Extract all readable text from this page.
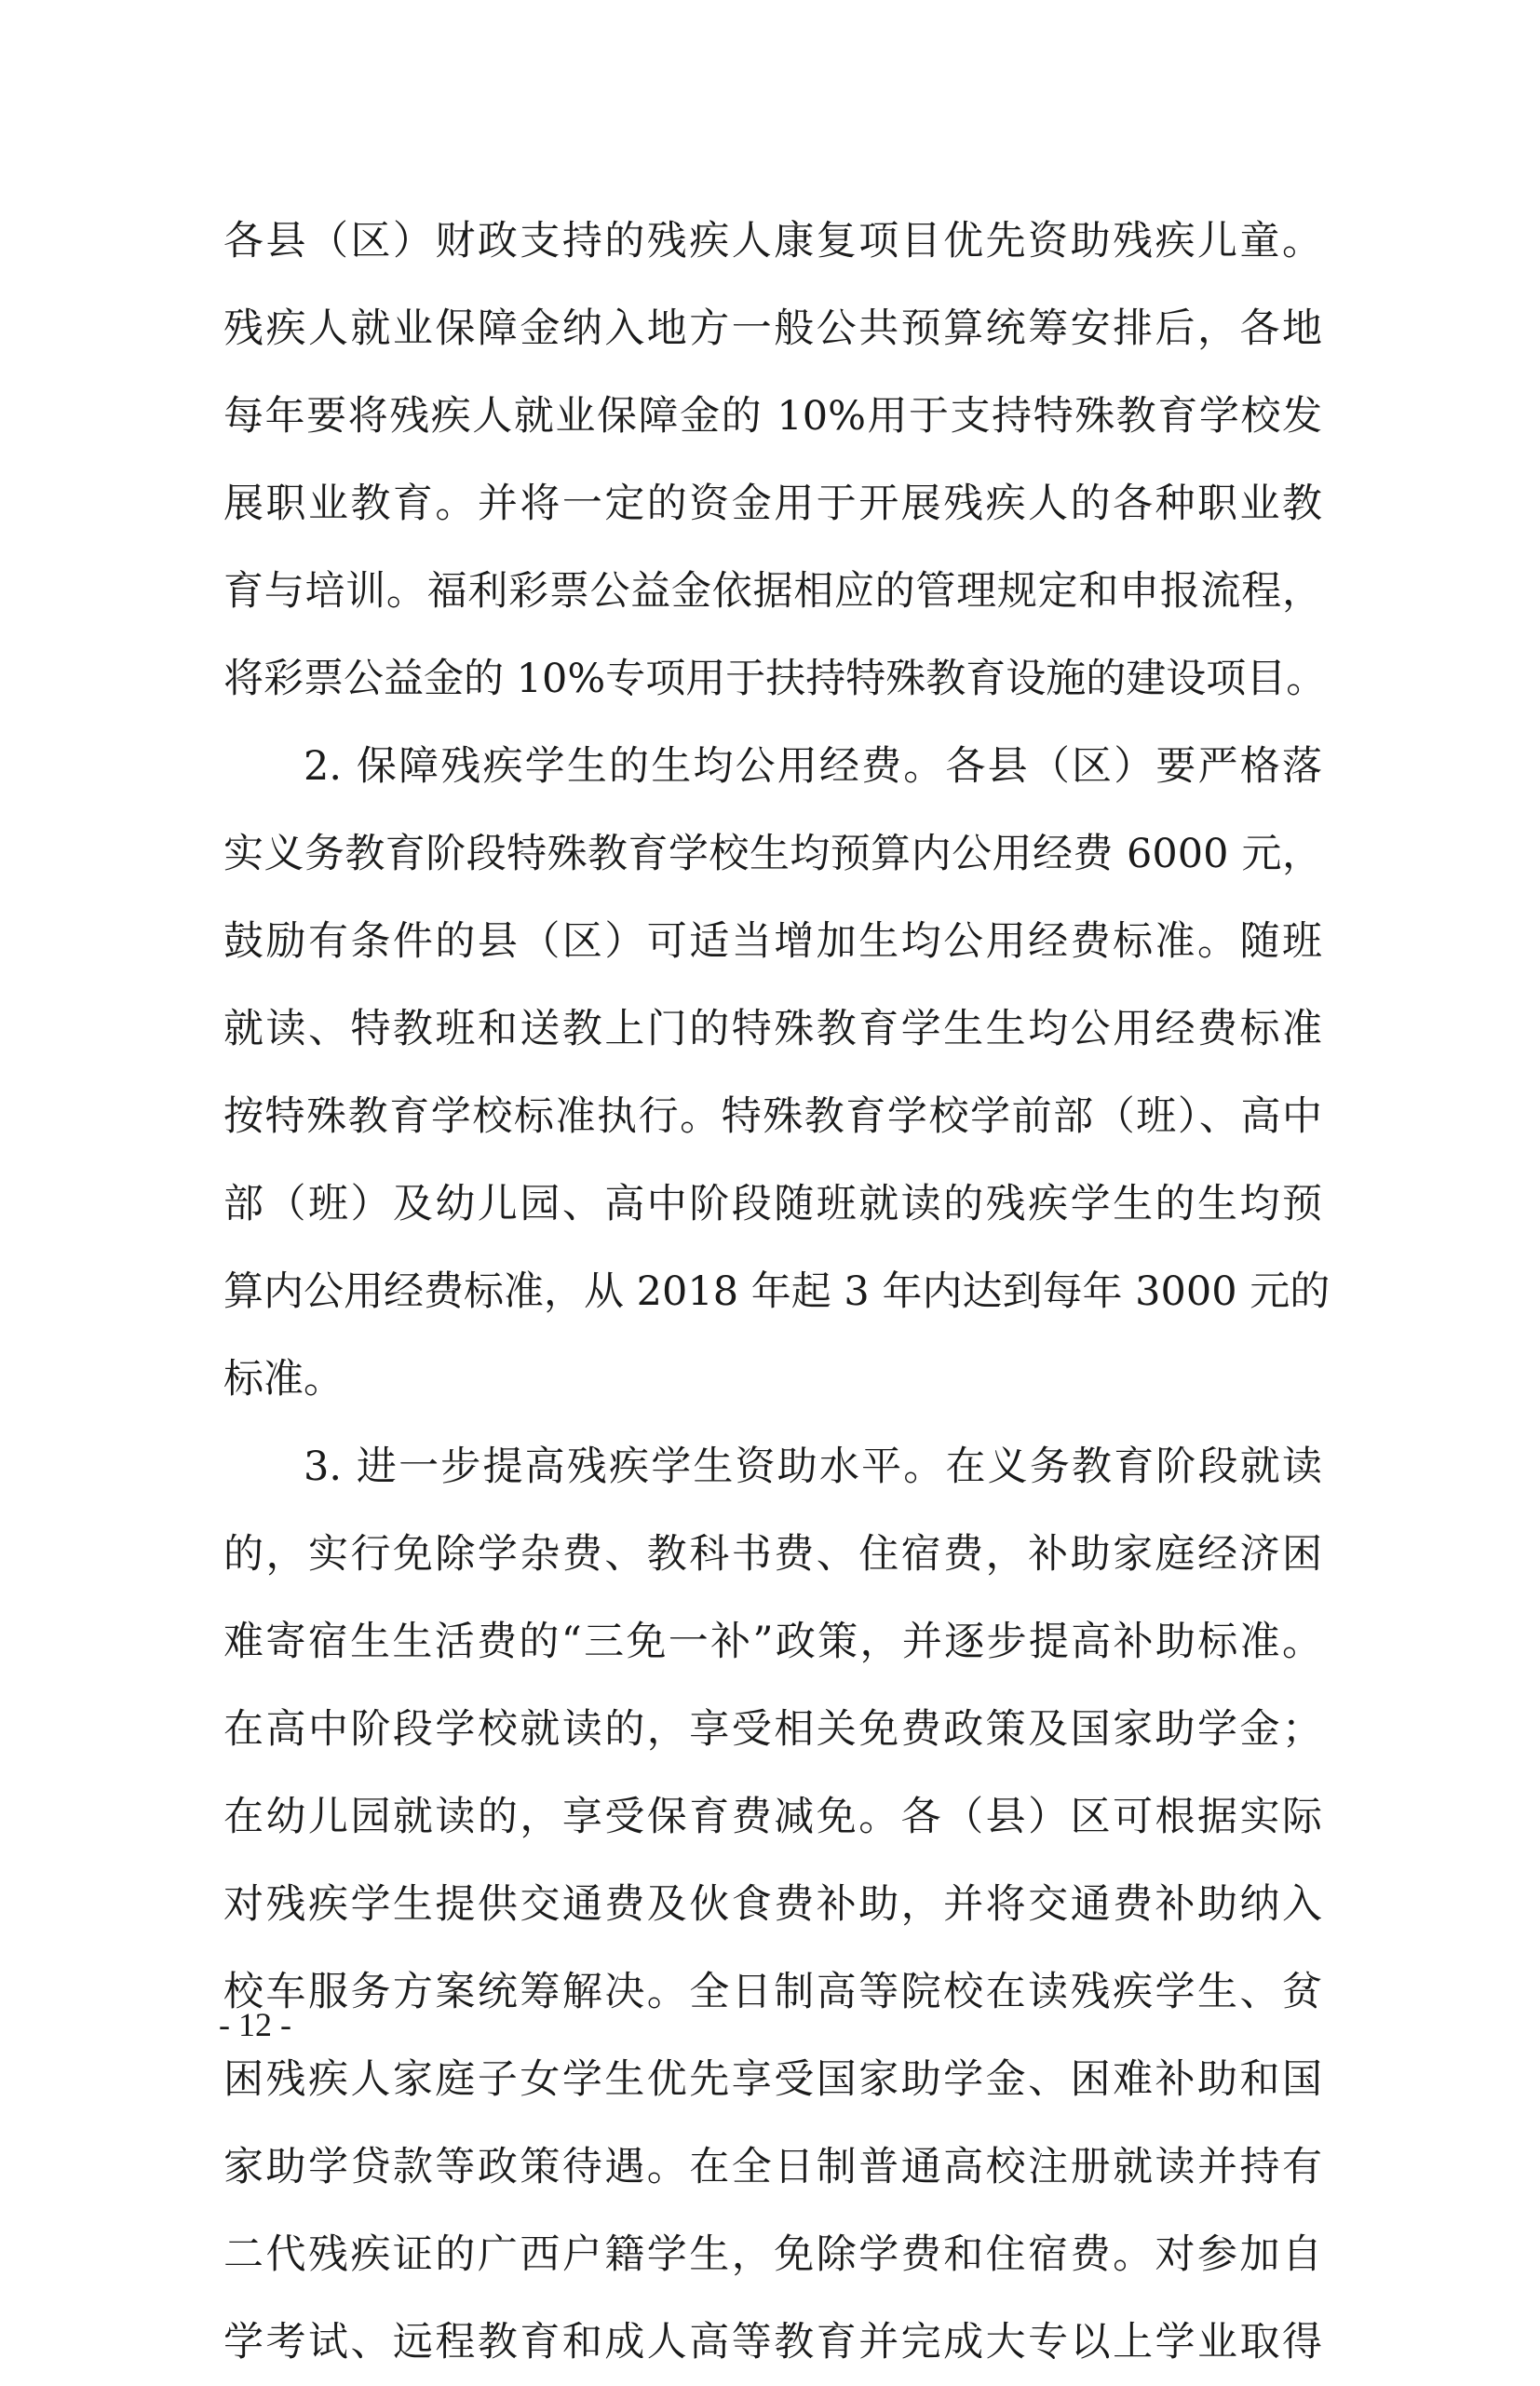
各县（区）财政支持的残疾人康复项目优先资助残疾儿童。
残疾人就业保障金纳入地方一般公共预算统筹安排后，各地
每年要将残疾人就业保障金的 10%用于支持特殊教育学校发
展职业教育。并将一定的资金用于开展残疾人的各种职业教
育与培训。福利彩票公益金依据相应的管理规定和申报流程，
将彩票公益金的 10%专项用于扶持特殊教育设施的建设项目。
2. 保障残疾学生的生均公用经费。各县（区）要严格落
实义务教育阶段特殊教育学校生均预算内公用经费 6000 元，
鼓励有条件的县（区）可适当增加生均公用经费标准。随班
就读、特教班和送教上门的特殊教育学生生均公用经费标准
按特殊教育学校标准执行。特殊教育学校学前部（班）、高中
部（班）及幼儿园、高中阶段随班就读的残疾学生的生均预
算内公用经费标准，从 2018 年起 3 年内达到每年 3000 元的
标准。
3. 进一步提高残疾学生资助水平。在义务教育阶段就读
的，实行免除学杂费、教科书费、住宿费，补助家庭经济困
难寄宿生生活费的“三免一补”政策，并逐步提高补助标准。
在高中阶段学校就读的，享受相关免费政策及国家助学金；
在幼儿园就读的，享受保育费减免。各（县）区可根据实际
对残疾学生提供交通费及伙食费补助，并将交通费补助纳入
校车服务方案统筹解决。全日制高等院校在读残疾学生、贫
困残疾人家庭子女学生优先享受国家助学金、困难补助和国
家助学贷款等政策待遇。在全日制普通高校注册就读并持有
二代残疾证的广西户籍学生，免除学费和住宿费。对参加自
学考试、远程教育和成人高等教育并完成大专以上学业取得
- 12 -
